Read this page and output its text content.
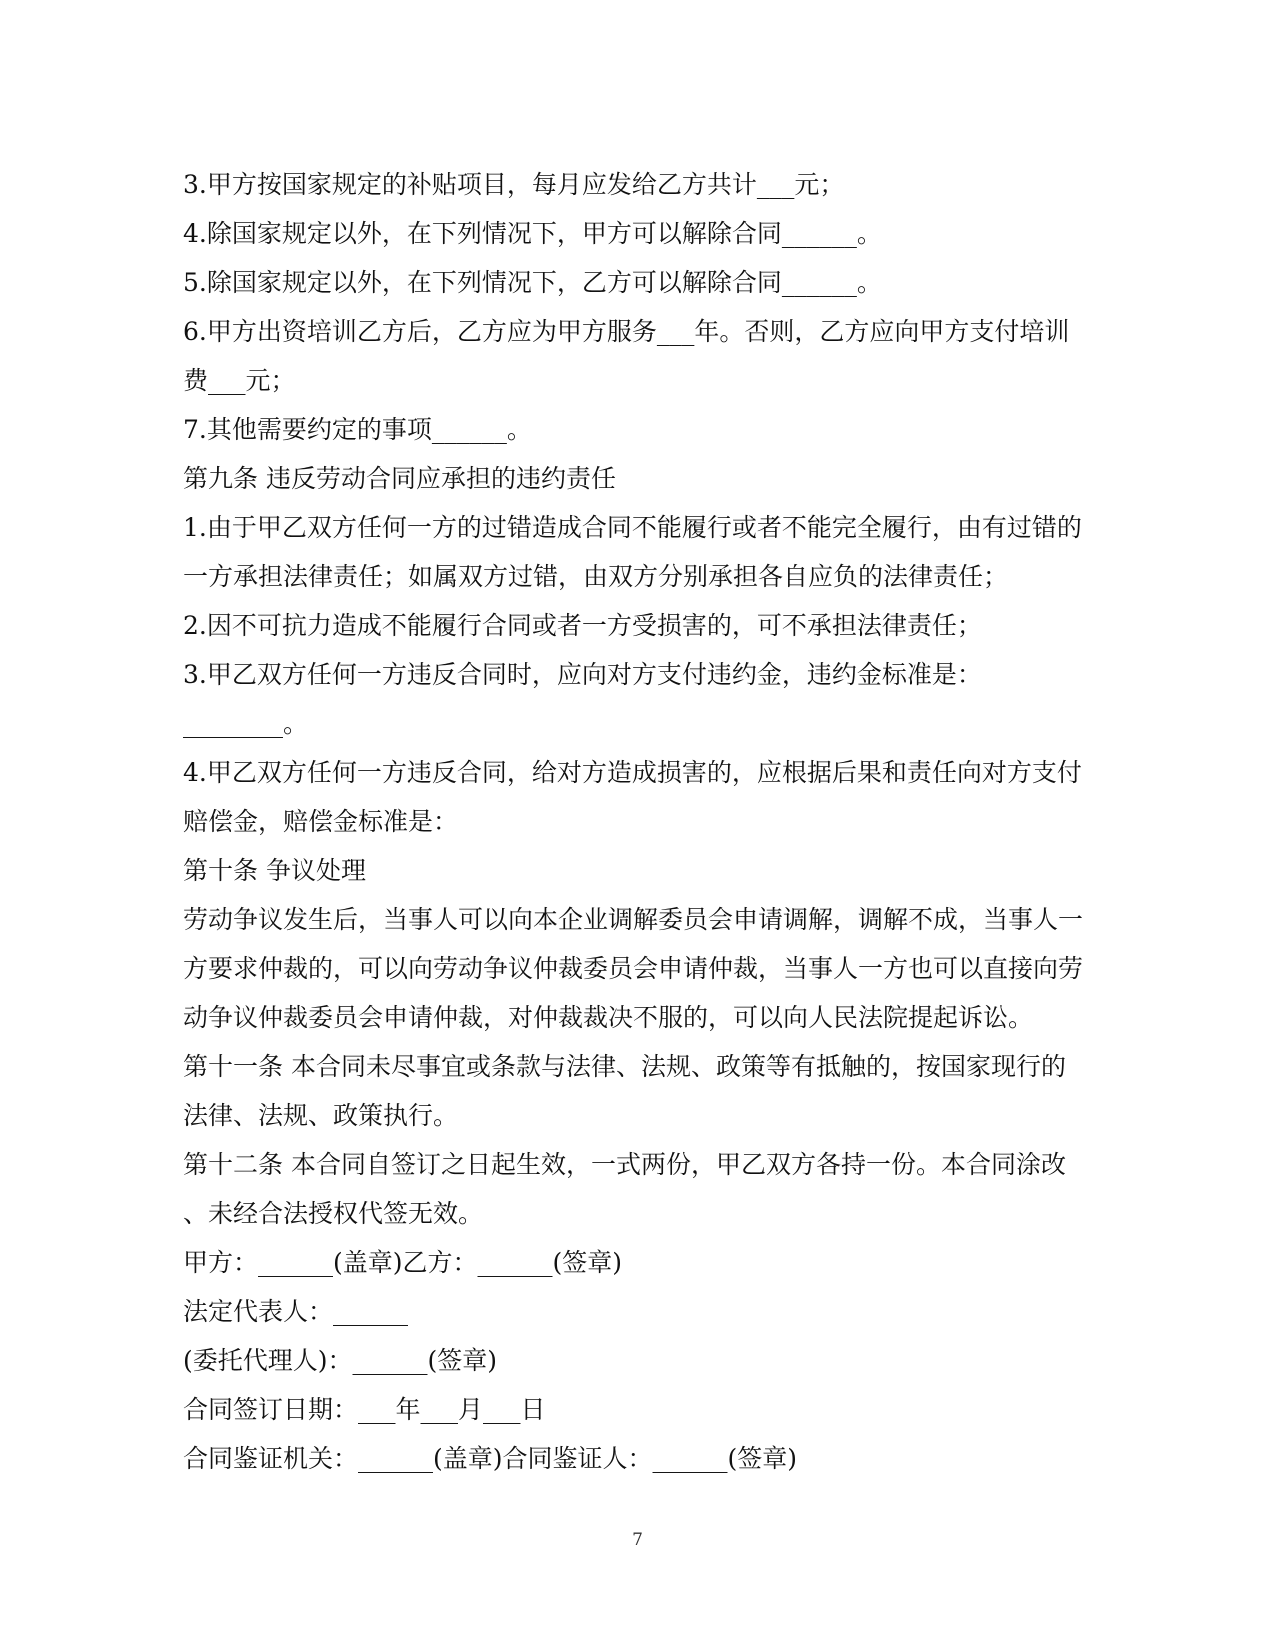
3.甲方按国家规定的补贴项目，每月应发给乙方共计___元；
4.除国家规定以外，在下列情况下，甲方可以解除合同______。
5.除国家规定以外，在下列情况下，乙方可以解除合同______。
6.甲方出资培训乙方后，乙方应为甲方服务___年。否则，乙方应向甲方支付培训
费___元；
7.其他需要约定的事项______。
第九条 违反劳动合同应承担的违约责任
1.由于甲乙双方任何一方的过错造成合同不能履行或者不能完全履行，由有过错的
一方承担法律责任；如属双方过错，由双方分别承担各自应负的法律责任；
2.因不可抗力造成不能履行合同或者一方受损害的，可不承担法律责任；
3.甲乙双方任何一方违反合同时，应向对方支付违约金，违约金标准是：
________。
4.甲乙双方任何一方违反合同，给对方造成损害的，应根据后果和责任向对方支付
赔偿金，赔偿金标准是：
第十条 争议处理
劳动争议发生后，当事人可以向本企业调解委员会申请调解，调解不成，当事人一
方要求仲裁的，可以向劳动争议仲裁委员会申请仲裁，当事人一方也可以直接向劳
动争议仲裁委员会申请仲裁，对仲裁裁决不服的，可以向人民法院提起诉讼。
第十一条 本合同未尽事宜或条款与法律、法规、政策等有抵触的，按国家现行的
法律、法规、政策执行。
第十二条 本合同自签订之日起生效，一式两份，甲乙双方各持一份。本合同涂改
、未经合法授权代签无效。
甲方：______(盖章)乙方：______(签章)
法定代表人：______
(委托代理人)：______(签章)
合同签订日期：___年___月___日
合同鉴证机关：______(盖章)合同鉴证人：______(签章)
7
